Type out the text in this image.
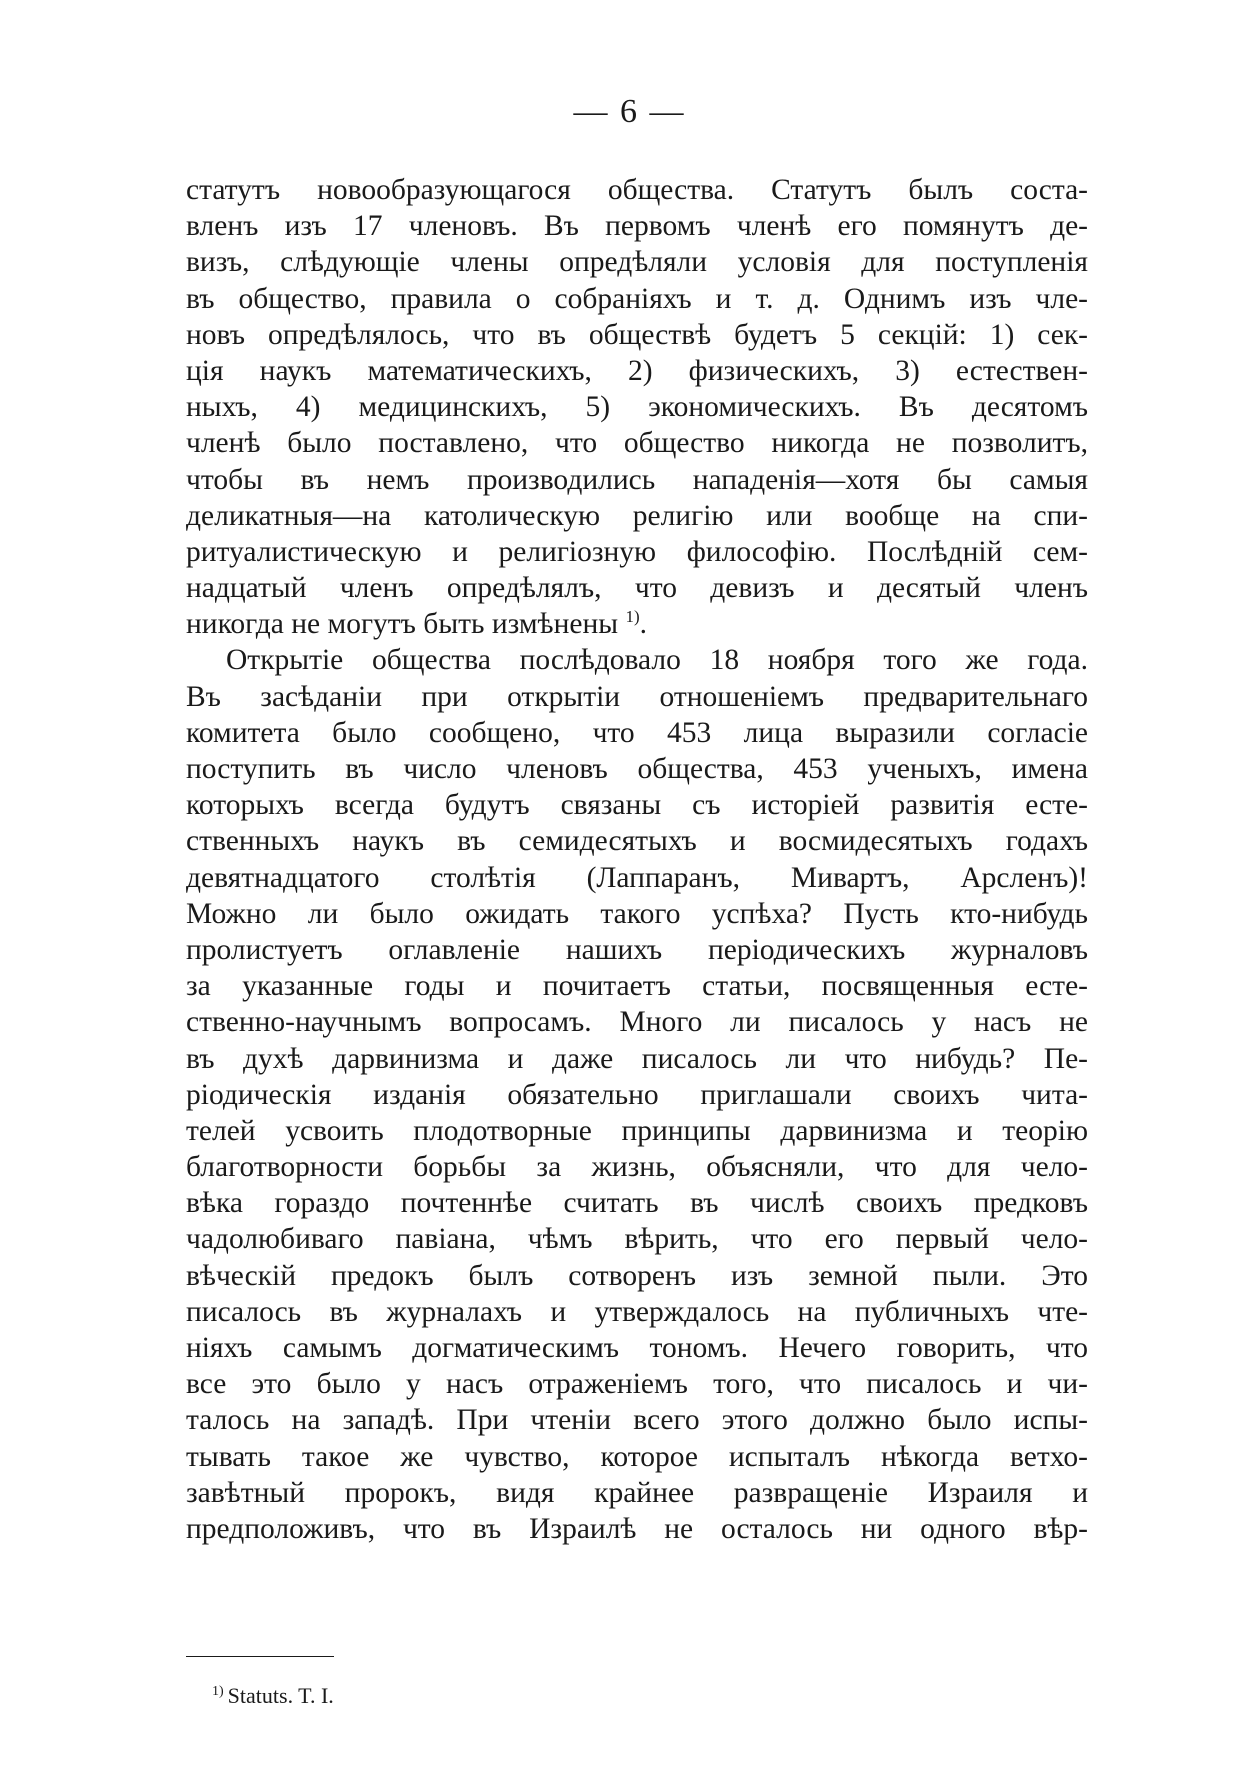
— 6 —
статутъ новообразующагося общества. Статутъ былъ соста-
вленъ изъ 17 членовъ. Въ первомъ членѣ его помянутъ де-
визъ, слѣдующіе члены опредѣляли условія для поступленія
въ общество, правила о собраніяхъ и т. д. Однимъ изъ чле-
новъ опредѣлялось, что въ обществѣ будетъ 5 секцій: 1) сек-
ція наукъ математическихъ, 2) физическихъ, 3) естествен-
ныхъ, 4) медицинскихъ, 5) экономическихъ. Въ десятомъ
членѣ было поставлено, что общество никогда не позволитъ,
чтобы въ немъ производились нападенія—хотя бы самыя
деликатныя—на католическую религію или вообще на спи-
ритуалистическую и религіозную философію. Послѣдній сем-
надцатый членъ опредѣлялъ, что девизъ и десятый членъ
никогда не могутъ быть измѣнены $^{1)}$.
Открытіе общества послѣдовало 18 ноября того же года.
Въ засѣданіи при открытіи отношеніемъ предварительнаго
комитета было сообщено, что 453 лица выразили согласіе
поступить въ число членовъ общества, 453 ученыхъ, имена
которыхъ всегда будутъ связаны съ исторіей развитія есте-
ственныхъ наукъ въ семидесятыхъ и восмидесятыхъ годахъ
девятнадцатого столѣтія (Лаппаранъ, Мивартъ, Арсленъ)!
Можно ли было ожидать такого успѣха? Пусть кто-нибудь
пролистуетъ оглавленіе нашихъ періодическихъ журналовъ
за указанные годы и почитаетъ статьи, посвященныя есте-
ственно-научнымъ вопросамъ. Много ли писалось у насъ не
въ духѣ дарвинизма и даже писалось ли что нибудь? Пе-
ріодическія изданія обязательно приглашали своихъ чита-
телей усвоить плодотворные принципы дарвинизма и теорію
благотворности борьбы за жизнь, объясняли, что для чело-
вѣка гораздо почтеннѣе считать въ числѣ своихъ предковъ
чадолюбиваго павіана, чѣмъ вѣрить, что его первый чело-
вѣческій предокъ былъ сотворенъ изъ земной пыли. Это
писалось въ журналахъ и утверждалось на публичныхъ чте-
ніяхъ самымъ догматическимъ тономъ. Нечего говорить, что
все это было у насъ отраженіемъ того, что писалось и чи-
талось на западѣ. При чтеніи всего этого должно было испы-
тывать такое же чувство, которое испыталъ нѣкогда ветхо-
завѣтный пророкъ, видя крайнее развращеніе Израиля и
предположивъ, что въ Израилѣ не осталось ни одного вѣр-
$^{1)}$ Statuts. T. I.
